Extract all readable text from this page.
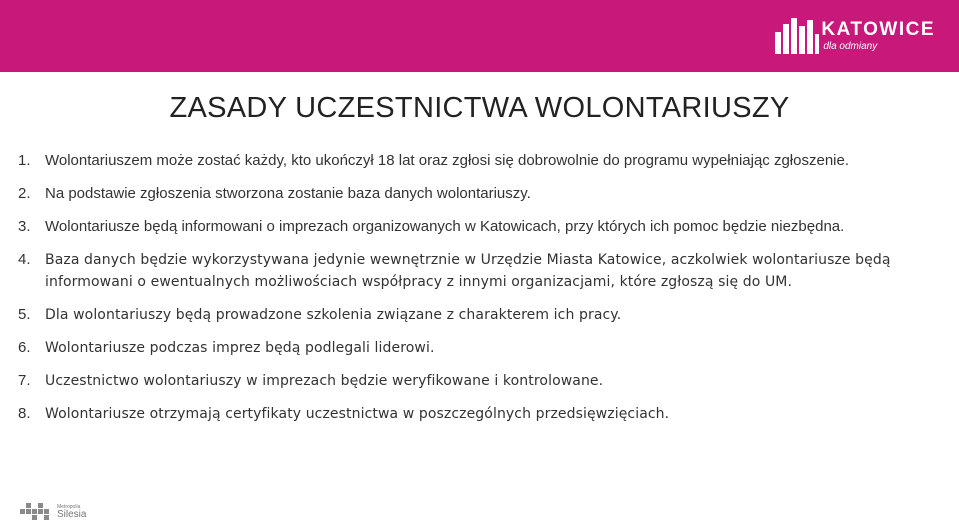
KATOWICE
dla odmiany
ZASADY UCZESTNICTWA WOLONTARIUSZY
1. Wolontariuszem może zostać każdy, kto ukończył 18 lat oraz zgłosi się dobrowolnie do programu wypełniając zgłoszenie.
2. Na podstawie zgłoszenia stworzona zostanie baza danych wolontariuszy.
3. Wolontariusze będą informowani o imprezach organizowanych w Katowicach, przy których ich pomoc będzie niezbędna.
4.	Baza danych będzie wykorzystywana jedynie wewnętrznie w Urzędzie Miasta Katowice, aczkolwiek wolontariusze będą informowani o ewentualnych możliwościach współpracy z innymi organizacjami, które zgłoszą się do UM.
5.	Dla wolontariuszy będą prowadzone szkolenia związane z charakterem ich pracy.
6.	Wolontariusze podczas imprez będą podlegali liderowi.
7.	Uczestnictwo wolontariuszy w imprezach będzie weryfikowane i kontrolowane.
8.	Wolontariusze otrzymają certyfikaty uczestnictwa w poszczególnych przedsięwzięciach.
Metropolia
Silesia
